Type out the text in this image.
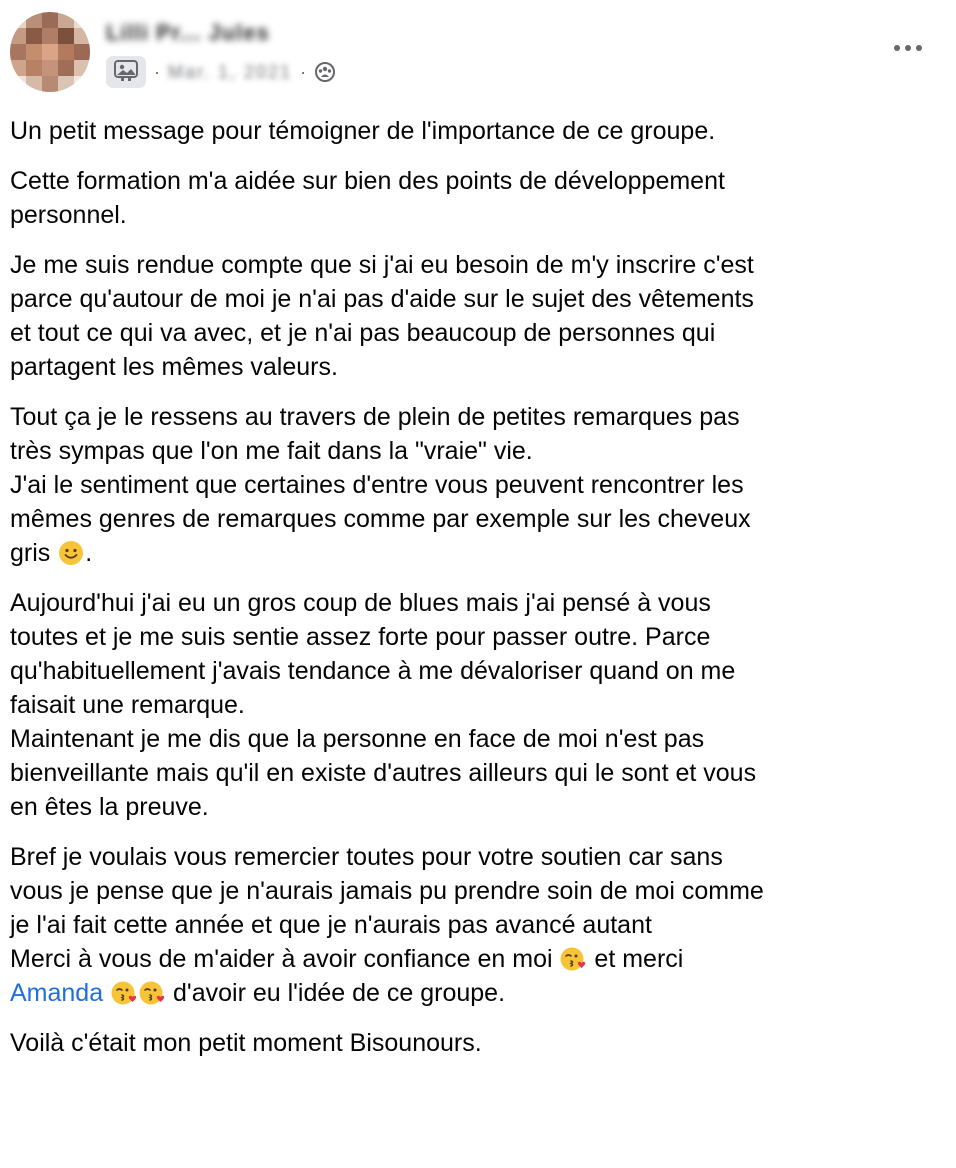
Lilli Pr... Jules
· Mar. 1, 2021 ·

Un petit message pour témoigner de l'importance de ce groupe.

Cette formation m'a aidée sur bien des points de développement
personnel.

Je me suis rendue compte que si j'ai eu besoin de m'y inscrire c'est
parce qu'autour de moi je n'ai pas d'aide sur le sujet des vêtements
et tout ce qui va avec, et je n'ai pas beaucoup de personnes qui
partagent les mêmes valeurs.

Tout ça je le ressens au travers de plein de petites remarques pas
très sympas que l'on me fait dans la "vraie" vie.
J'ai le sentiment que certaines d'entre vous peuvent rencontrer les
mêmes genres de remarques comme par exemple sur les cheveux
gris
.

Aujourd'hui j'ai eu un gros coup de blues mais j'ai pensé à vous
toutes et je me suis sentie assez forte pour passer outre. Parce
qu'habituellement j'avais tendance à me dévaloriser quand on me
faisait une remarque.
Maintenant je me dis que la personne en face de moi n'est pas
bienveillante mais qu'il en existe d'autres ailleurs qui le sont et vous
en êtes la preuve.

Bref je voulais vous remercier toutes pour votre soutien car sans
vous je pense que je n'aurais jamais pu prendre soin de moi comme
je l'ai fait cette année et que je n'aurais pas avancé autant
Merci à vous de m'aider à avoir confiance en moi
et merci
Amanda	d'avoir eu l'idée de ce groupe.

Voilà c'était mon petit moment Bisounours.
